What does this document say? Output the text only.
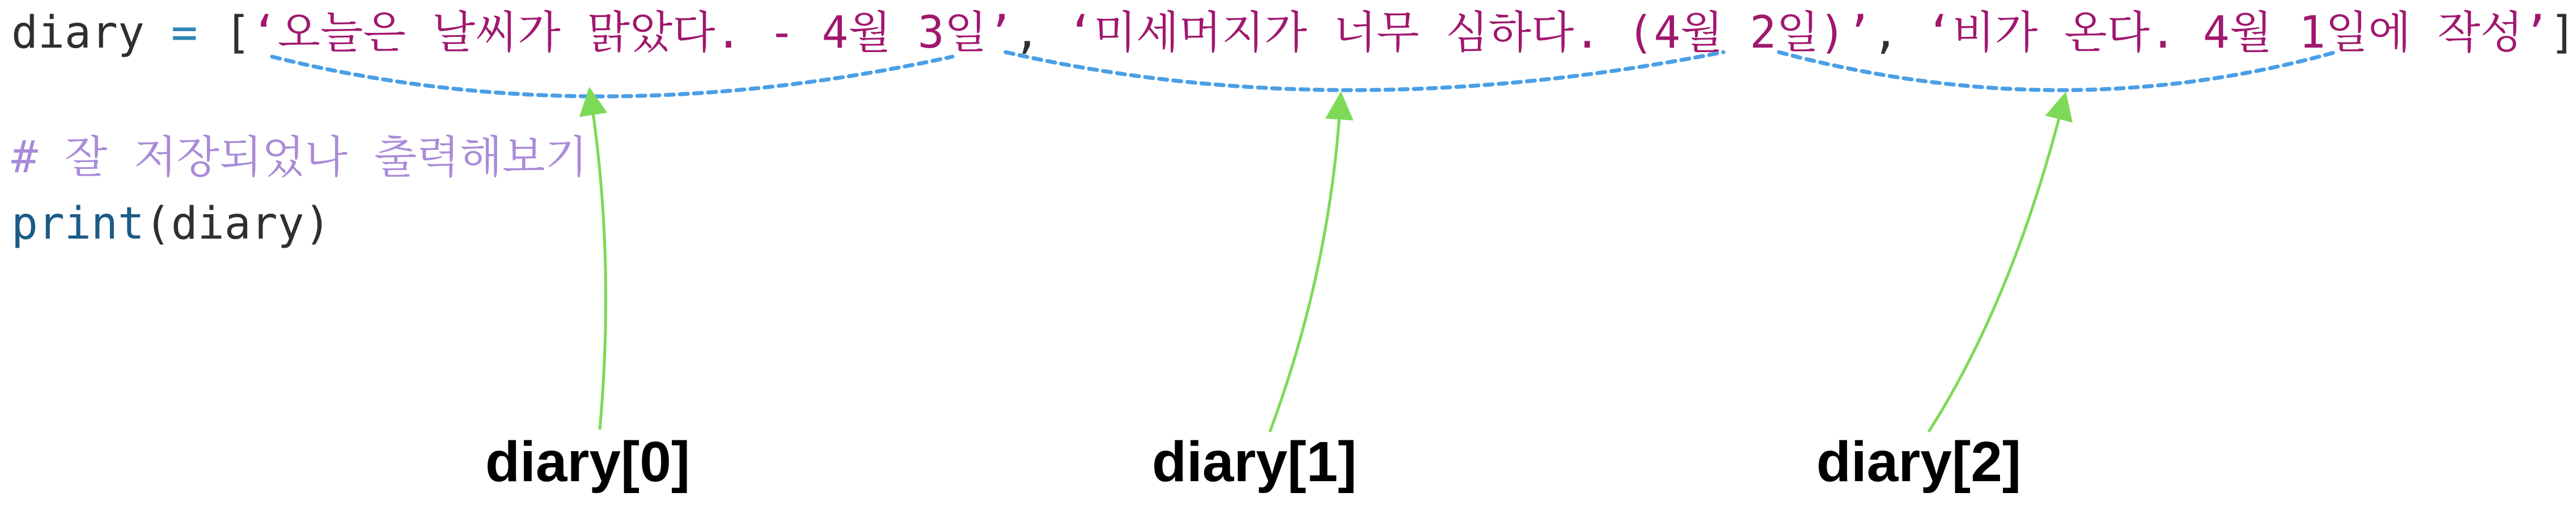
diary = [‘오늘은 날씨가 맑았다. - 4월 3일’, ‘미세머지가 너무 심하다. (4월 2일)’, ‘비가 온다. 4월 1일에 작성’]
# 잘 저장되었나 출력해보기
print(diary)
diary[0]	diary[1]	diary[2]
